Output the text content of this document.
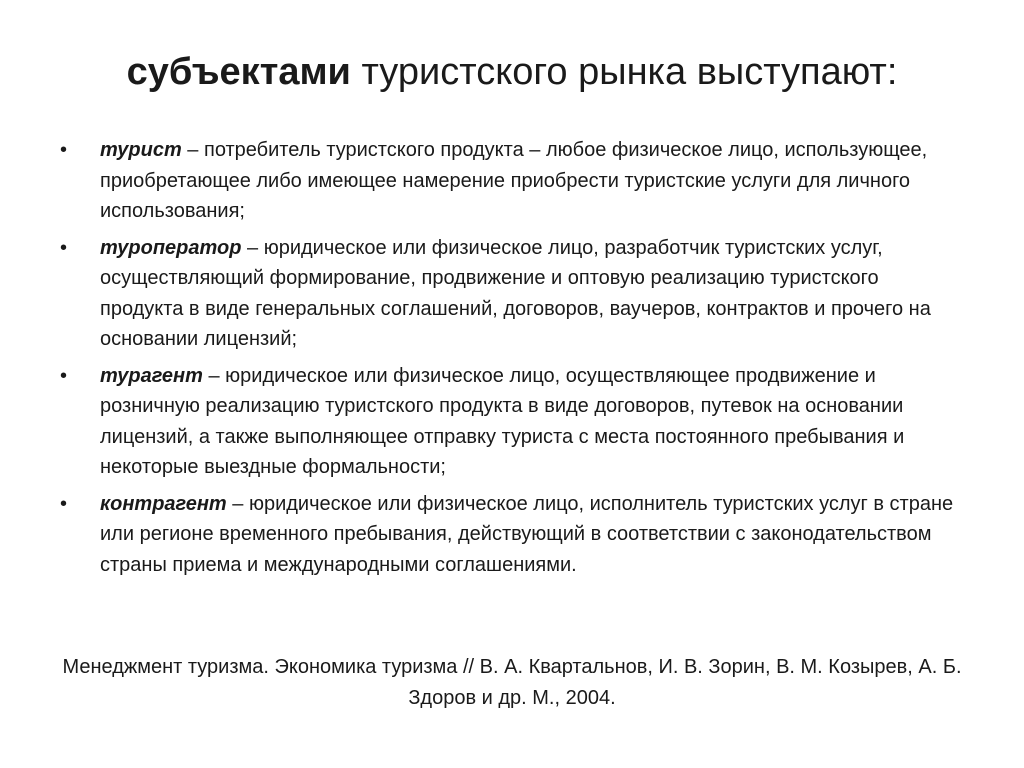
субъектами туристского рынка выступают:
• турист – потребитель туристского продукта – любое физическое лицо, использующее, приобретающее либо имеющее намерение приобрести туристские услуги для личного использования;
• туроператор – юридическое или физическое лицо, разработчик туристских услуг, осуществляющий формирование, продвижение и оптовую реализацию туристского продукта в виде генеральных соглашений, договоров, ваучеров, контрактов и прочего на основании лицензий;
• турагент – юридическое или физическое лицо, осуществляющее продвижение и розничную реализацию туристского продукта в виде договоров, путевок на основании лицензий, а также выполняющее отправку туриста с места постоянного пребывания и некоторые выездные формальности;
• контрагент – юридическое или физическое лицо, исполнитель туристских услуг в стране или регионе временного пребывания, действующий в соответствии с законодательством страны приема и международными соглашениями.
Менеджмент туризма. Экономика туризма // В. А. Квартальнов, И. В. Зорин, В. М. Козырев, А. Б. Здоров и др. М., 2004.
